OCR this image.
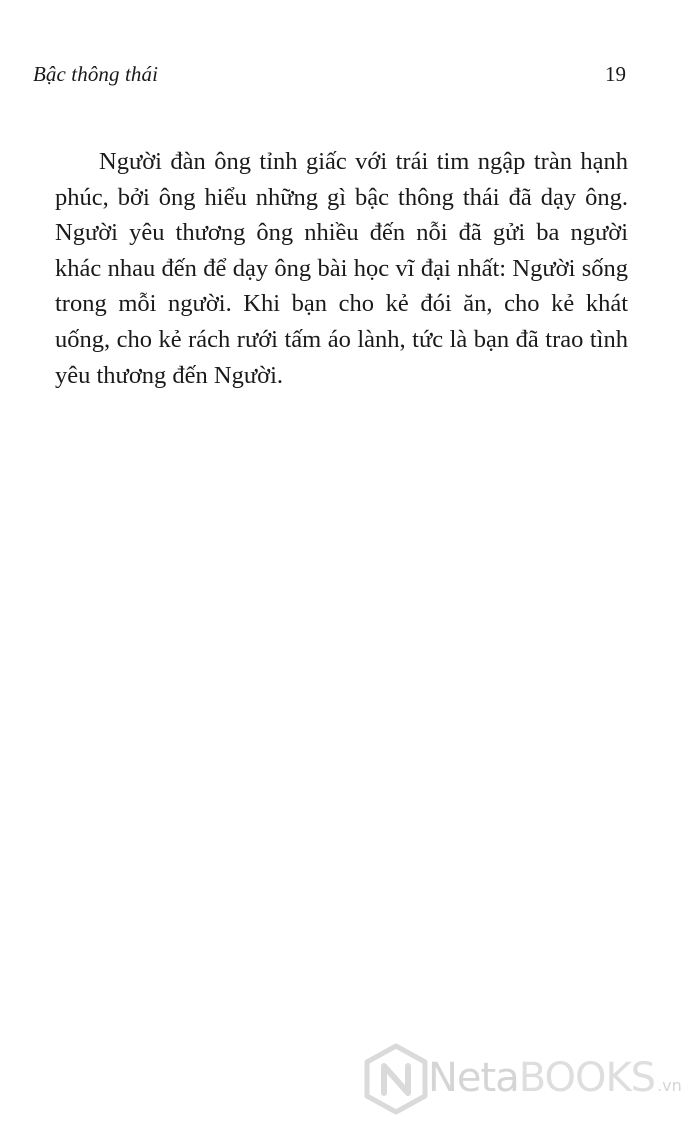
Bậc thông thái	19

Người đàn ông tỉnh giấc với trái tim ngập tràn hạnh phúc, bởi ông hiểu những gì bậc thông thái đã dạy ông. Người yêu thương ông nhiều đến nỗi đã gửi ba người khác nhau đến để dạy ông bài học vĩ đại nhất: Người sống trong mỗi người. Khi bạn cho kẻ đói ăn, cho kẻ khát uống, cho kẻ rách rưới tấm áo lành, tức là bạn đã trao tình yêu thương đến Người.

NetaBOOKS .vn
